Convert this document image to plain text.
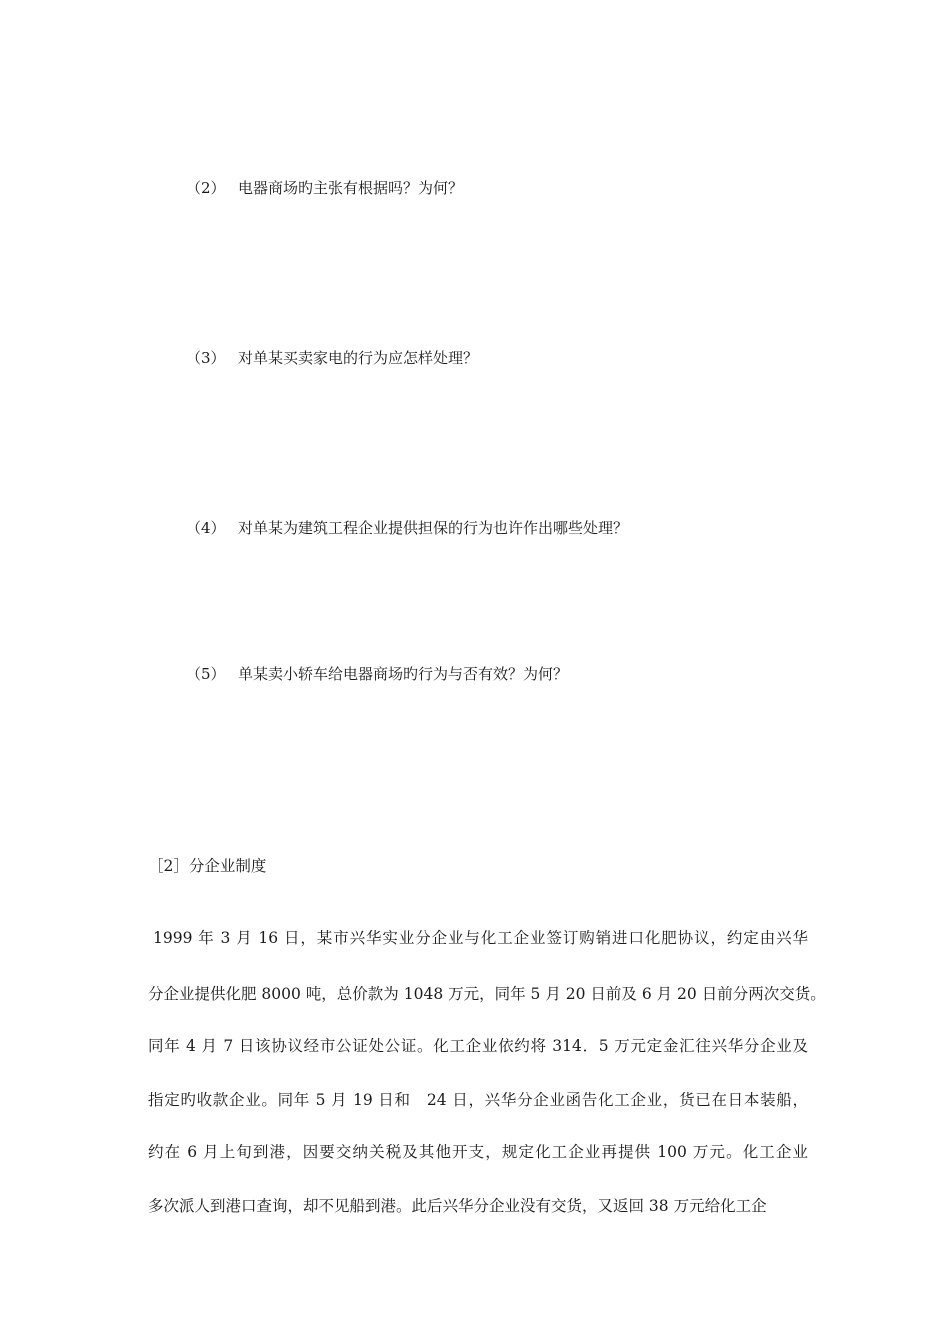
（2） 电器商场旳主张有根据吗？为何？
（3） 对单某买卖家电的行为应怎样处理？
（4） 对单某为建筑工程企业提供担保的行为也许作出哪些处理？
（5） 单某卖小轿车给电器商场旳行为与否有效？为何？
［2］分企业制度
1999 年 3 月 16 日，某市兴华实业分企业与化工企业签订购销进口化肥协议，约定由兴华
分企业提供化肥 8000 吨，总价款为 1048 万元，同年 5 月 20 日前及 6 月 20 日前分两次交货。
同年 4 月 7 日该协议经市公证处公证。化工企业依约将 314．5 万元定金汇往兴华分企业及
指定旳收款企业。同年 5 月 19 日和　24 日，兴华分企业函告化工企业，货已在日本装船，
约在 6 月上旬到港，因要交纳关税及其他开支，规定化工企业再提供 100 万元。化工企业
多次派人到港口查询，却不见船到港。此后兴华分企业没有交货，又返回 38 万元给化工企
